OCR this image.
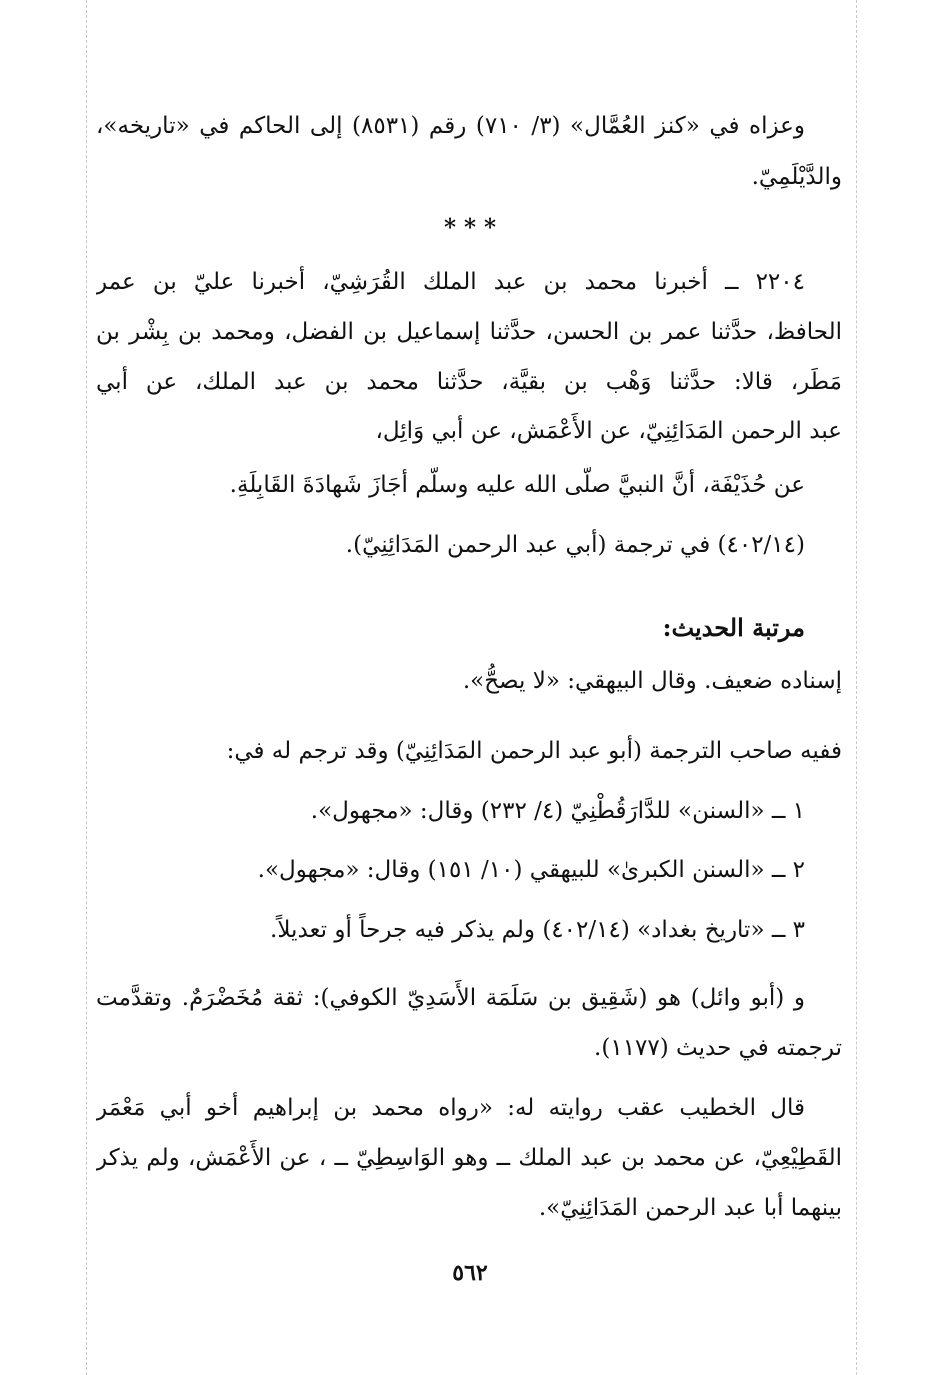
وعزاه في «كنز العُمَّال» (٣/ ٧١٠) رقم (٨٥٣١) إلى الحاكم في «تاريخه»،
والدَّيْلَمِيّ.
* * *
٢٢٠٤ ــ أخبرنا محمد بن عبد الملك القُرَشِيّ، أخبرنا عليّ بن عمر
الحافظ، حدَّثنا عمر بن الحسن، حدَّثنا إسماعيل بن الفضل، ومحمد بن بِشْر بن
مَطَر، قالا: حدَّثنا وَهْب بن بقيَّة، حدَّثنا محمد بن عبد الملك، عن أبي
عبد الرحمن المَدَائِنِيّ، عن الأَعْمَش، عن أبي وَائِل،
عن حُذَيْفَة، أنَّ النبيَّ صلَّى الله عليه وسلَّم أجَازَ شَهادَةَ القَابِلَةِ.
(٤٠٢/١٤) في ترجمة (أبي عبد الرحمن المَدَائِنِيّ).
مرتبة الحديث:
إسناده ضعيف. وقال البيهقي: «لا يصحُّ».
ففيه صاحب الترجمة (أبو عبد الرحمن المَدَائِنِيّ) وقد ترجم له في:
١ ــ «السنن» للدَّارَقُطْنِيّ (٤/ ٢٣٢) وقال: «مجهول».
٢ ــ «السنن الكبرىٰ» للبيهقي (١٠/ ١٥١) وقال: «مجهول».
٣ ــ «تاريخ بغداد» (٤٠٢/١٤) ولم يذكر فيه جرحاً أو تعديلاً.
و (أبو وائل) هو (شَقِيق بن سَلَمَة الأَسَدِيّ الكوفي): ثقة مُخَضْرَمٌ. وتقدَّمت
ترجمته في حديث (١١٧٧).
قال الخطيب عقب روايته له: «رواه محمد بن إبراهيم أخو أبي مَعْمَر
القَطِيْعِيّ، عن محمد بن عبد الملك ــ وهو الوَاسِطِيّ ــ ، عن الأَعْمَش، ولم يذكر
بينهما أبا عبد الرحمن المَدَائِنِيّ».
٥٦٢
